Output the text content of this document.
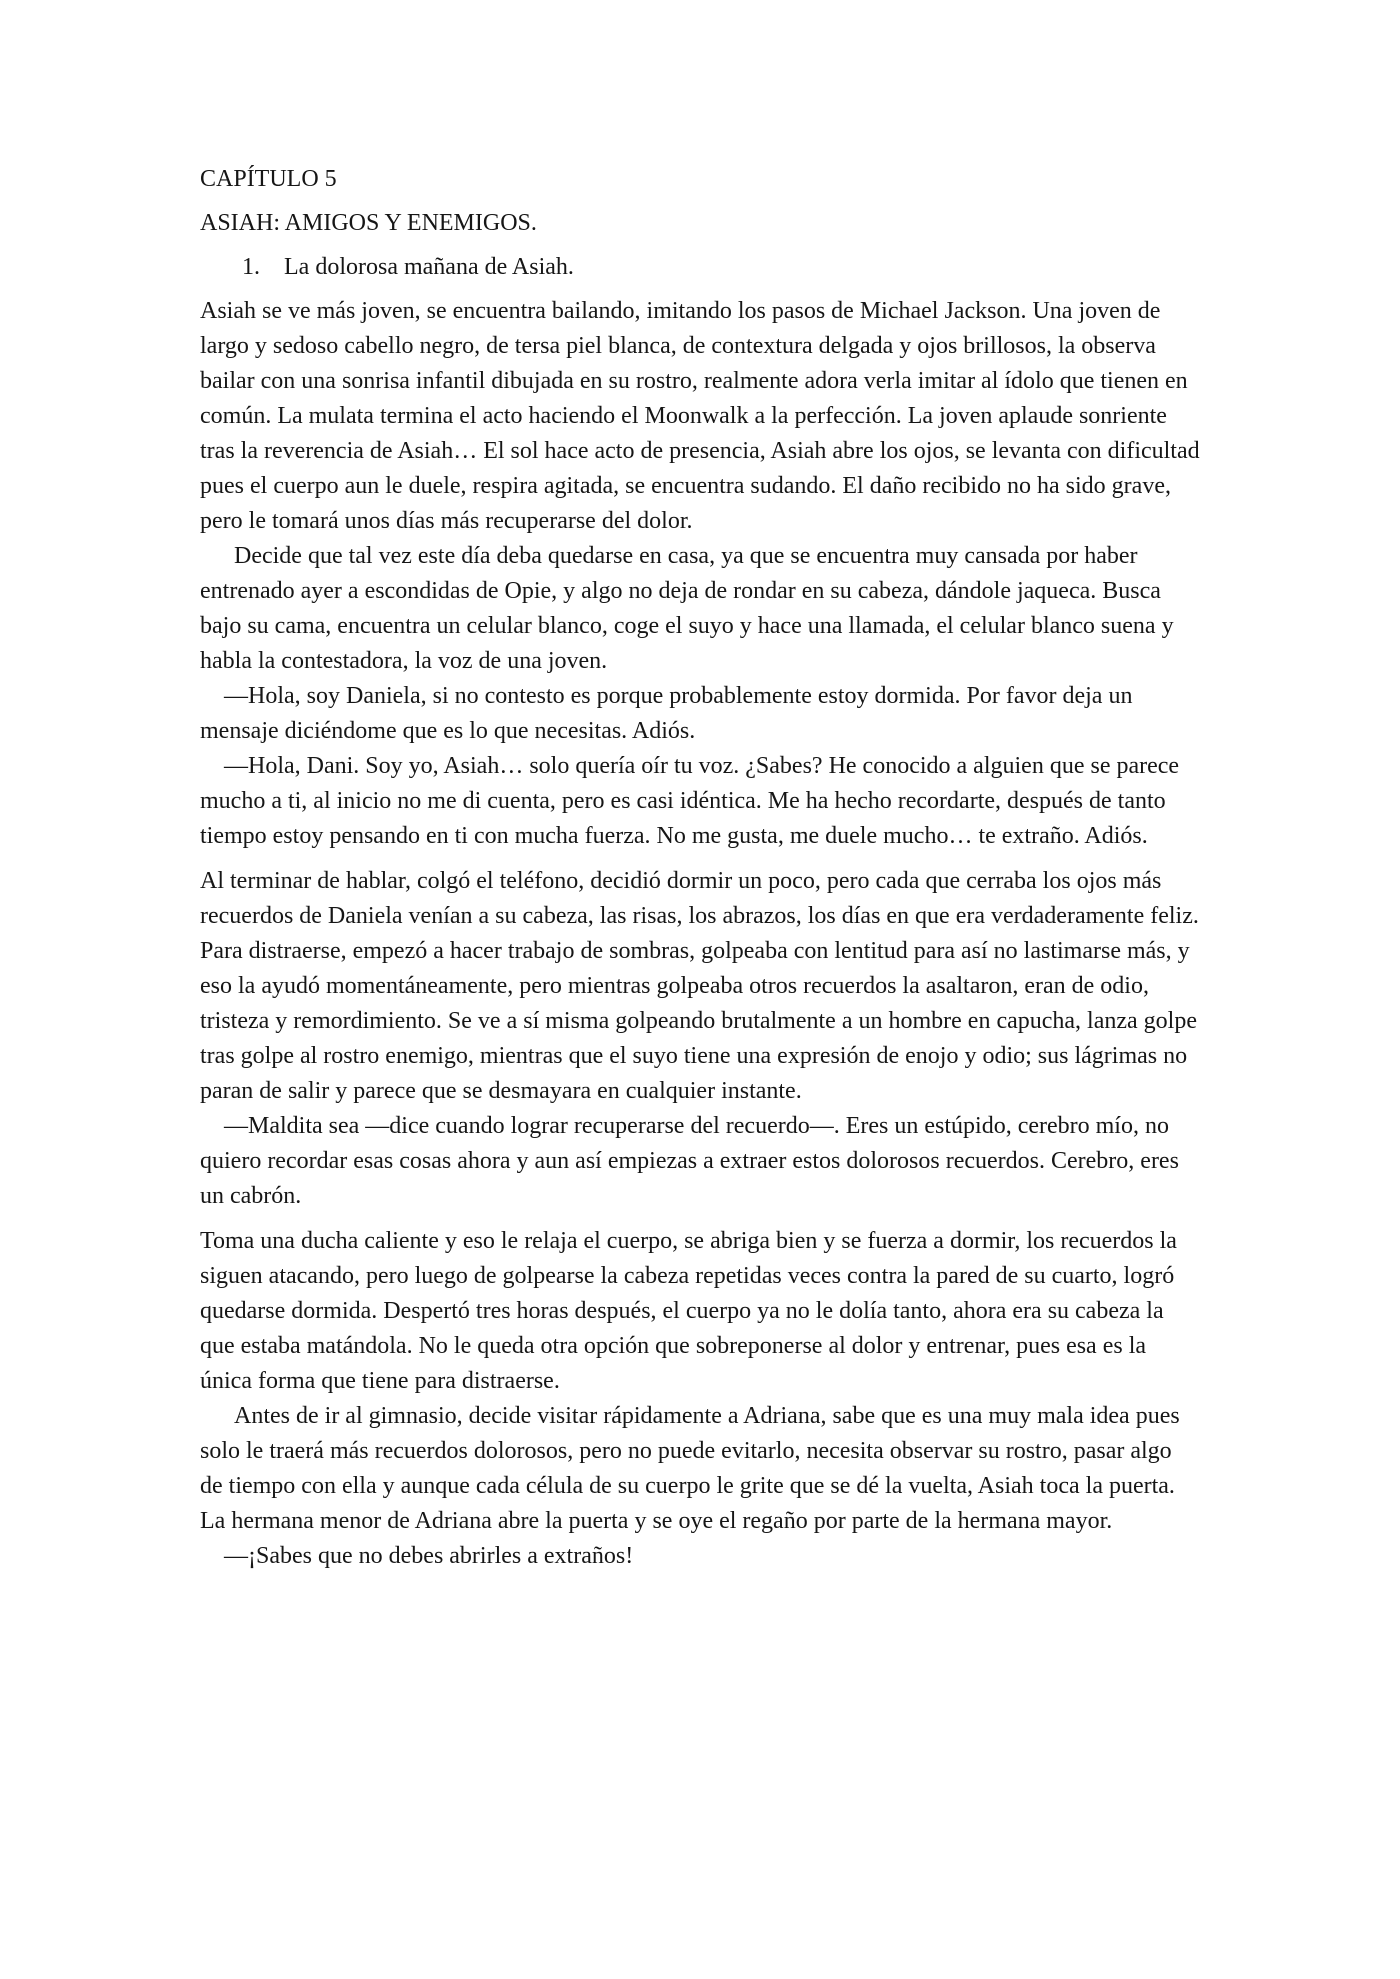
CAPÍTULO 5

ASIAH: AMIGOS Y ENEMIGOS.

1.	La dolorosa mañana de Asiah.

Asiah se ve más joven, se encuentra bailando, imitando los pasos de Michael Jackson. Una joven de largo y sedoso cabello negro, de tersa piel blanca, de contextura delgada y ojos brillosos, la observa bailar con una sonrisa infantil dibujada en su rostro, realmente adora verla imitar al ídolo que tienen en común. La mulata termina el acto haciendo el Moonwalk a la perfección. La joven aplaude sonriente tras la reverencia de Asiah… El sol hace acto de presencia, Asiah abre los ojos, se levanta con dificultad pues el cuerpo aun le duele, respira agitada, se encuentra sudando. El daño recibido no ha sido grave, pero le tomará unos días más recuperarse del dolor.

Decide que tal vez este día deba quedarse en casa, ya que se encuentra muy cansada por haber entrenado ayer a escondidas de Opie, y algo no deja de rondar en su cabeza, dándole jaqueca. Busca bajo su cama, encuentra un celular blanco, coge el suyo y hace una llamada, el celular blanco suena y habla la contestadora, la voz de una joven.

—Hola, soy Daniela, si no contesto es porque probablemente estoy dormida. Por favor deja un mensaje diciéndome que es lo que necesitas. Adiós.

—Hola, Dani. Soy yo, Asiah… solo quería oír tu voz. ¿Sabes? He conocido a alguien que se parece mucho a ti, al inicio no me di cuenta, pero es casi idéntica. Me ha hecho recordarte, después de tanto tiempo estoy pensando en ti con mucha fuerza. No me gusta, me duele mucho… te extraño. Adiós.

Al terminar de hablar, colgó el teléfono, decidió dormir un poco, pero cada que cerraba los ojos más recuerdos de Daniela venían a su cabeza, las risas, los abrazos, los días en que era verdaderamente feliz. Para distraerse, empezó a hacer trabajo de sombras, golpeaba con lentitud para así no lastimarse más, y eso la ayudó momentáneamente, pero mientras golpeaba otros recuerdos la asaltaron, eran de odio, tristeza y remordimiento. Se ve a sí misma golpeando brutalmente a un hombre en capucha, lanza golpe tras golpe al rostro enemigo, mientras que el suyo tiene una expresión de enojo y odio; sus lágrimas no paran de salir y parece que se desmayara en cualquier instante.

—Maldita sea —dice cuando lograr recuperarse del recuerdo—. Eres un estúpido, cerebro mío, no quiero recordar esas cosas ahora y aun así empiezas a extraer estos dolorosos recuerdos. Cerebro, eres un cabrón.

Toma una ducha caliente y eso le relaja el cuerpo, se abriga bien y se fuerza a dormir, los recuerdos la siguen atacando, pero luego de golpearse la cabeza repetidas veces contra la pared de su cuarto, logró quedarse dormida. Despertó tres horas después, el cuerpo ya no le dolía tanto, ahora era su cabeza la que estaba matándola. No le queda otra opción que sobreponerse al dolor y entrenar, pues esa es la única forma que tiene para distraerse.

Antes de ir al gimnasio, decide visitar rápidamente a Adriana, sabe que es una muy mala idea pues solo le traerá más recuerdos dolorosos, pero no puede evitarlo, necesita observar su rostro, pasar algo de tiempo con ella y aunque cada célula de su cuerpo le grite que se dé la vuelta, Asiah toca la puerta. La hermana menor de Adriana abre la puerta y se oye el regaño por parte de la hermana mayor.

—¡Sabes que no debes abrirles a extraños!
